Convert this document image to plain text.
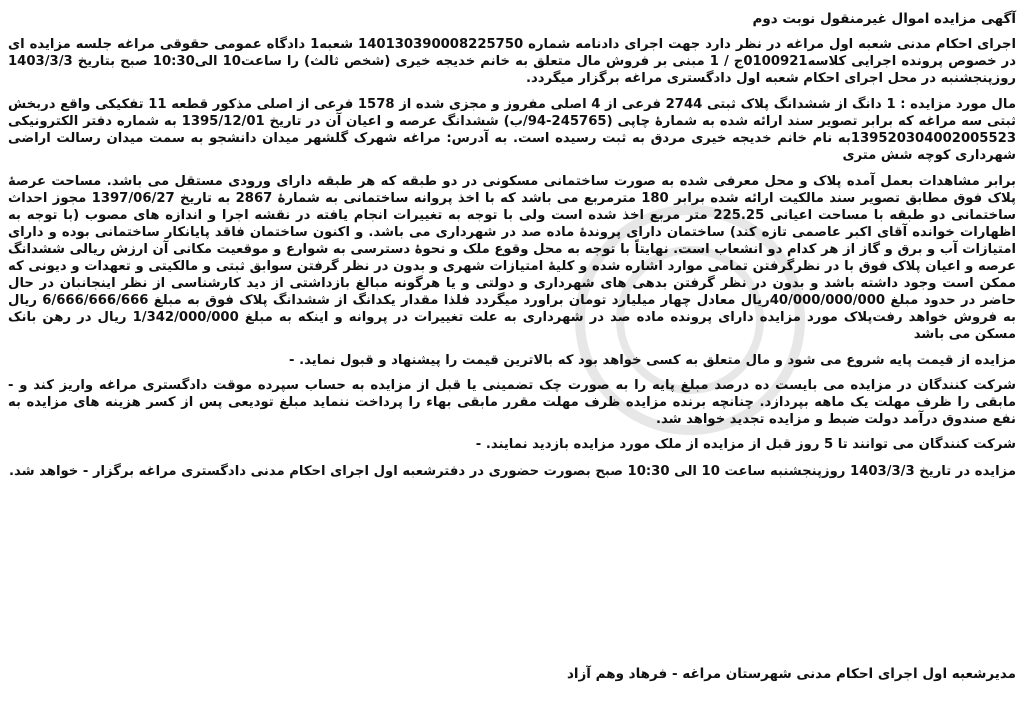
آگهی مزایده اموال غیرمنقول نوبت دوم

اجرای احکام مدنی شعبه اول مراغه در نظر دارد جهت اجرای دادنامه شماره 140130390008225750 شعبه1 دادگاه عمومی حقوقی مراغه جلسه مزایده ای در خصوص پرونده اجرایی کلاسه0100921ج / 1 مبنی بر فروش مال متعلق به خانم خدیجه خیری (شخص ثالث) را ساعت10 الی10:30 صبح بتاریخ 1403/3/3 روزپنجشنبه در محل اجرای احکام شعبه اول دادگستری مراغه برگزار میگردد.

مال مورد مزایده : 1 دانگ از ششدانگ پلاک ثبتی 2744 فرعی از 4 اصلی مفروز و مجزی شده از 1578 فرعی از اصلی مذکور قطعه 11 تفکیکی واقع دربخش ثبتی سه مراغه که برابر تصویر سند ارائه شده به شمارهٔ چاپی (245765-94/ب) ششدانگ عرصه و اعیان آن در تاریخ 1395/12/01 به شماره دفتر الکترونیکی 139520304002005523به نام خانم خدیجه خیری مردق به ثبت رسیده است. به آدرس: مراغه شهرک گلشهر میدان دانشجو به سمت میدان رسالت اراضی شهرداری کوچه شش متری

برابر مشاهدات بعمل آمده پلاک و محل معرفی شده به صورت ساختمانی مسکونی در دو طبقه که هر طبقه دارای ورودی مستقل می باشد. مساحت عرصهٔ پلاک فوق مطابق تصویر سند مالکیت ارائه شده برابر 180 مترمربع می باشد که با اخذ پروانه ساختمانی به شمارهٔ 2867 به تاریخ 1397/06/27 مجوز احداث ساختمانی دو طبقه با مساحت اعیانی 225.25 متر مربع اخذ شده است ولی با توجه به تغییرات انجام یافته در نقشه اجرا و اندازه های مصوب (با توجه به اظهارات خوانده آقای اکبر عاصمی تازه کند) ساختمان دارای پروندهٔ ماده صد در شهرداری می باشد. و اکنون ساختمان فاقد پایانکار ساختمانی بوده و دارای امتیازات آب و برق و گاز از هر کدام دو انشعاب است. نهایتاً با توجه به محل وقوع ملک و نحوهٔ دسترسی به شوارع و موقعیت مکانی آن ارزش ریالی ششدانگ عرصه و اعیان پلاک فوق با در نظرگرفتن تمامی موارد اشاره شده و کلیهٔ امتیازات شهری و بدون در نظر گرفتن سوابق ثبتی و مالکیتی و تعهدات و دیونی که ممکن است وجود داشته باشد و بدون در نظر گرفتن بدهی های شهرداری و دولتی و یا هرگونه مبالغ بازداشتی از دید کارشناسی از نظر اینجانبان در حال حاضر در حدود مبلغ 40/000/000/000ریال معادل چهار میلیارد تومان براورد میگردد فلذا مقدار یکدانگ از ششدانگ پلاک فوق به مبلغ 6/666/666/666 ریال به فروش خواهد رفت‌پلاک مورد مزایده دارای پرونده ماده صد در شهرداری به علت تغییرات در پروانه و اینکه به مبلغ 1/342/000/000 ریال در رهن بانک مسکن می باشد

مزایده از قیمت پایه شروع می شود و مال متعلق به کسی خواهد بود که بالاترین قیمت را پیشنهاد و قبول نماید. -

شرکت کنندگان در مزایده می بایست ده درصد مبلغ پایه را به صورت چک تضمینی یا قبل از مزایده به حساب سپرده موقت دادگستری مراغه واریز کند و - مابقی را ظرف مهلت یک ماهه بپردازد. چنانچه برنده مزایده ظرف مهلت مقرر مابقی بهاء را پرداخت ننماید مبلغ تودیعی پس از کسر هزینه های مزایده به نفع صندوق درآمد دولت ضبط و مزایده تجدید خواهد شد.

شرکت کنندگان می توانند تا 5 روز قبل از مزایده از ملک مورد مزایده بازدید نمایند. -

مزایده در تاریخ 1403/3/3 روزپنجشنبه ساعت 10 الی 10:30 صبح بصورت حضوری در دفترشعبه اول اجرای احکام مدنی دادگستری مراغه برگزار - خواهد شد.

مدیرشعبه اول اجرای احکام مدنی شهرستان مراغه - فرهاد وهم آزاد
